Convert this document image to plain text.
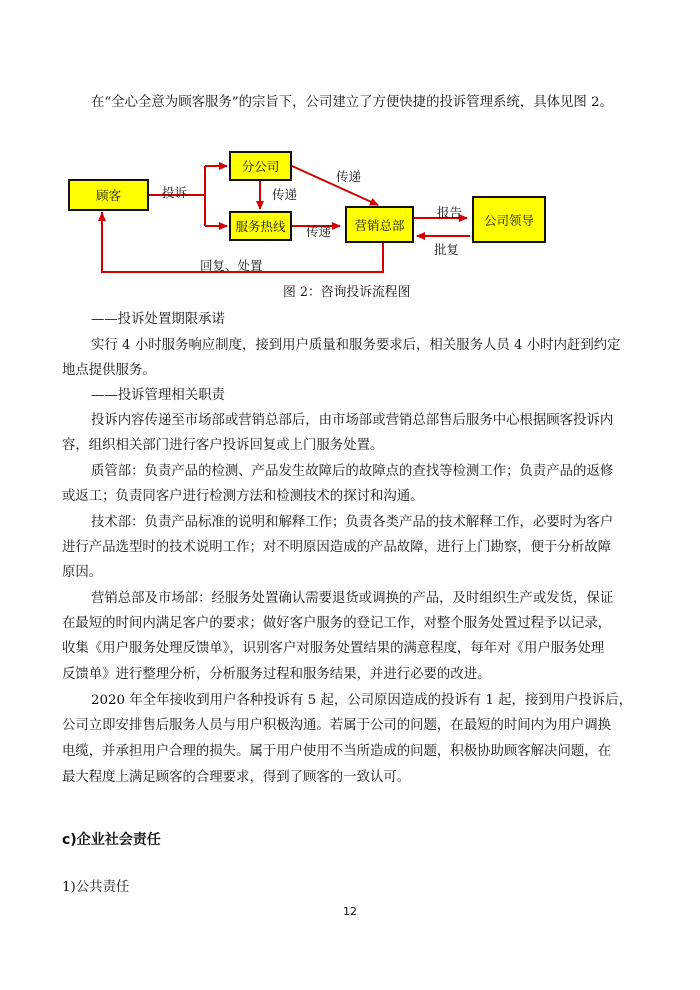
在“全心全意为顾客服务”的宗旨下，公司建立了方便快捷的投诉管理系统，具体见图 2。
顾客
分公司
服务热线	营销总部	公司领导
投诉
传递
传递
传递
报告
批复
回复、处置
图 2：咨询投诉流程图
——投诉处置期限承诺
实行 4 小时服务响应制度，接到用户质量和服务要求后，相关服务人员 4 小时内赶到约定
地点提供服务。
——投诉管理相关职责
投诉内容传递至市场部或营销总部后，由市场部或营销总部售后服务中心根据顾客投诉内
容，组织相关部门进行客户投诉回复或上门服务处置。
质管部：负责产品的检测、产品发生故障后的故障点的查找等检测工作；负责产品的返修
或返工；负责同客户进行检测方法和检测技术的探讨和沟通。
技术部：负责产品标准的说明和解释工作；负责各类产品的技术解释工作，必要时为客户
进行产品选型时的技术说明工作；对不明原因造成的产品故障，进行上门勘察，便于分析故障
原因。
营销总部及市场部：经服务处置确认需要退货或调换的产品，及时组织生产或发货，保证
在最短的时间内满足客户的要求；做好客户服务的登记工作，对整个服务处置过程予以记录，
收集《用户服务处理反馈单》，识别客户对服务处置结果的满意程度，每年对《用户服务处理
反馈单》进行整理分析，分析服务过程和服务结果，并进行必要的改进。
2020 年全年接收到用户各种投诉有 5 起，公司原因造成的投诉有 1 起，接到用户投诉后，
公司立即安排售后服务人员与用户积极沟通。若属于公司的问题，在最短的时间内为用户调换
电缆，并承担用户合理的损失。属于用户使用不当所造成的问题，积极协助顾客解决问题，在
最大程度上满足顾客的合理要求，得到了顾客的一致认可。
c)企业社会责任
1)公共责任
12
